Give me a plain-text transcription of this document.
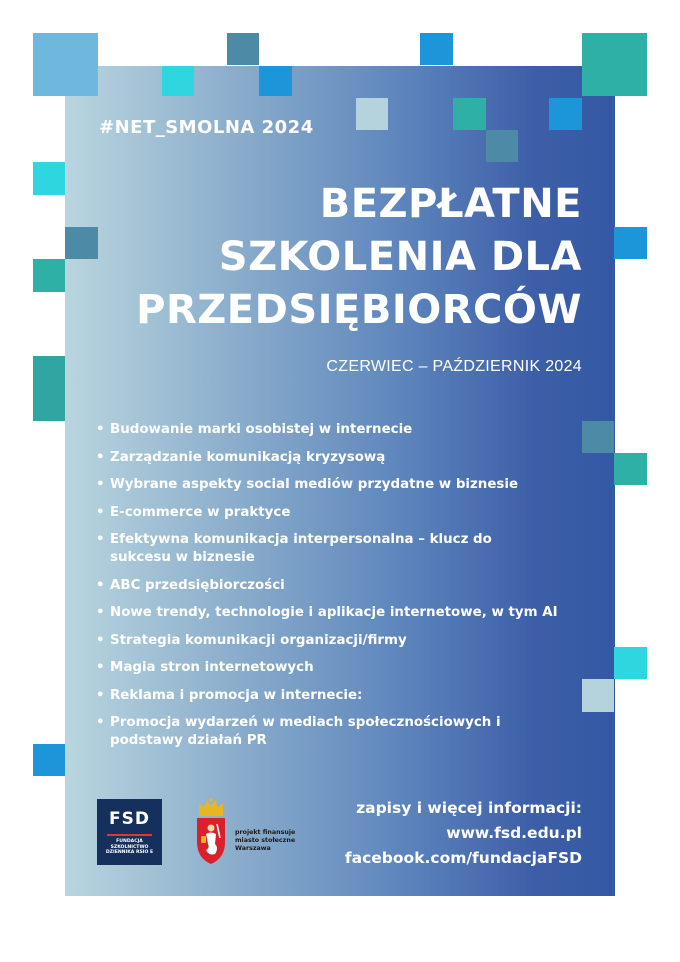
#NET_SMOLNA 2024
BEZPŁATNE
SZKOLENIA DLA
PRZEDSIĘBIORCÓW
CZERWIEC – PAŹDZIERNIK 2024
• Budowanie marki osobistej w internecie
• Zarządzanie komunikacją kryzysową
• Wybrane aspekty social mediów przydatne w biznesie
• E-commerce w praktyce
• Efektywna komunikacja interpersonalna – klucz do sukcesu w biznesie
• ABC przedsiębiorczości
• Nowe trendy, technologie i aplikacje internetowe, w tym AI
• Strategia komunikacji organizacji/firmy
• Magia stron internetowych
• Reklama i promocja w internecie:
• Promocja wydarzeń w mediach społecznościowych i podstawy działań PR
FSD
FUNDACJA
SZKOLNICTWO
DZIENNIKA RSIO E
projekt finansuje
miasto stołeczne
Warszawa
zapisy i więcej informacji:
www.fsd.edu.pl
facebook.com/fundacjaFSD
